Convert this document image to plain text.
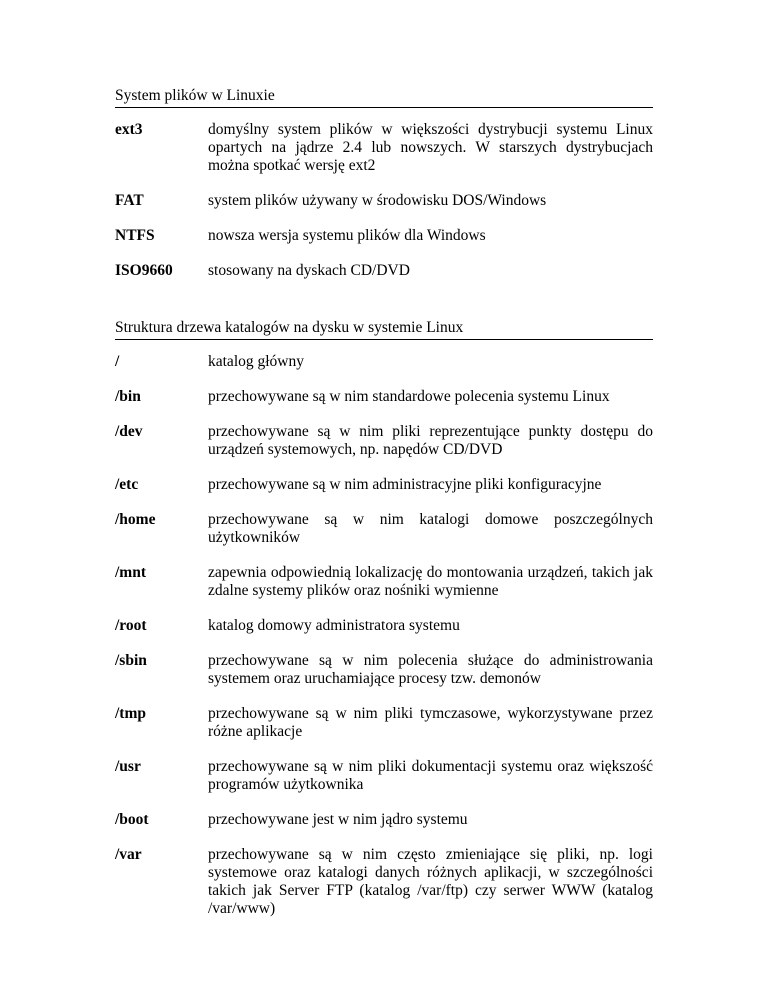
System plików w Linuxie
ext3	domyślny system plików w większości dystrybucji systemu Linux opartych na jądrze 2.4 lub nowszych. W starszych dystrybucjach można spotkać wersję ext2
FAT	system plików używany w środowisku DOS/Windows
NTFS	nowsza wersja systemu plików dla Windows
ISO9660	stosowany na dyskach CD/DVD
Struktura drzewa katalogów na dysku w systemie Linux
/	katalog główny
/bin	przechowywane są w nim standardowe polecenia systemu Linux
/dev	przechowywane są w nim pliki reprezentujące punkty dostępu do urządzeń systemowych, np. napędów CD/DVD
/etc	przechowywane są w nim administracyjne pliki konfiguracyjne
/home	przechowywane są w nim katalogi domowe poszczególnych użytkowników
/mnt	zapewnia odpowiednią lokalizację do montowania urządzeń, takich jak zdalne systemy plików oraz nośniki wymienne
/root	katalog domowy administratora systemu
/sbin	przechowywane są w nim polecenia służące do administrowania systemem oraz uruchamiające procesy tzw. demonów
/tmp	przechowywane są w nim pliki tymczasowe, wykorzystywane przez różne aplikacje
/usr	przechowywane są w nim pliki dokumentacji systemu oraz większość programów użytkownika
/boot	przechowywane jest w nim jądro systemu
/var	przechowywane są w nim często zmieniające się pliki, np. logi systemowe oraz katalogi danych różnych aplikacji, w szczególności takich jak Server FTP (katalog /var/ftp) czy serwer WWW (katalog /var/www)
